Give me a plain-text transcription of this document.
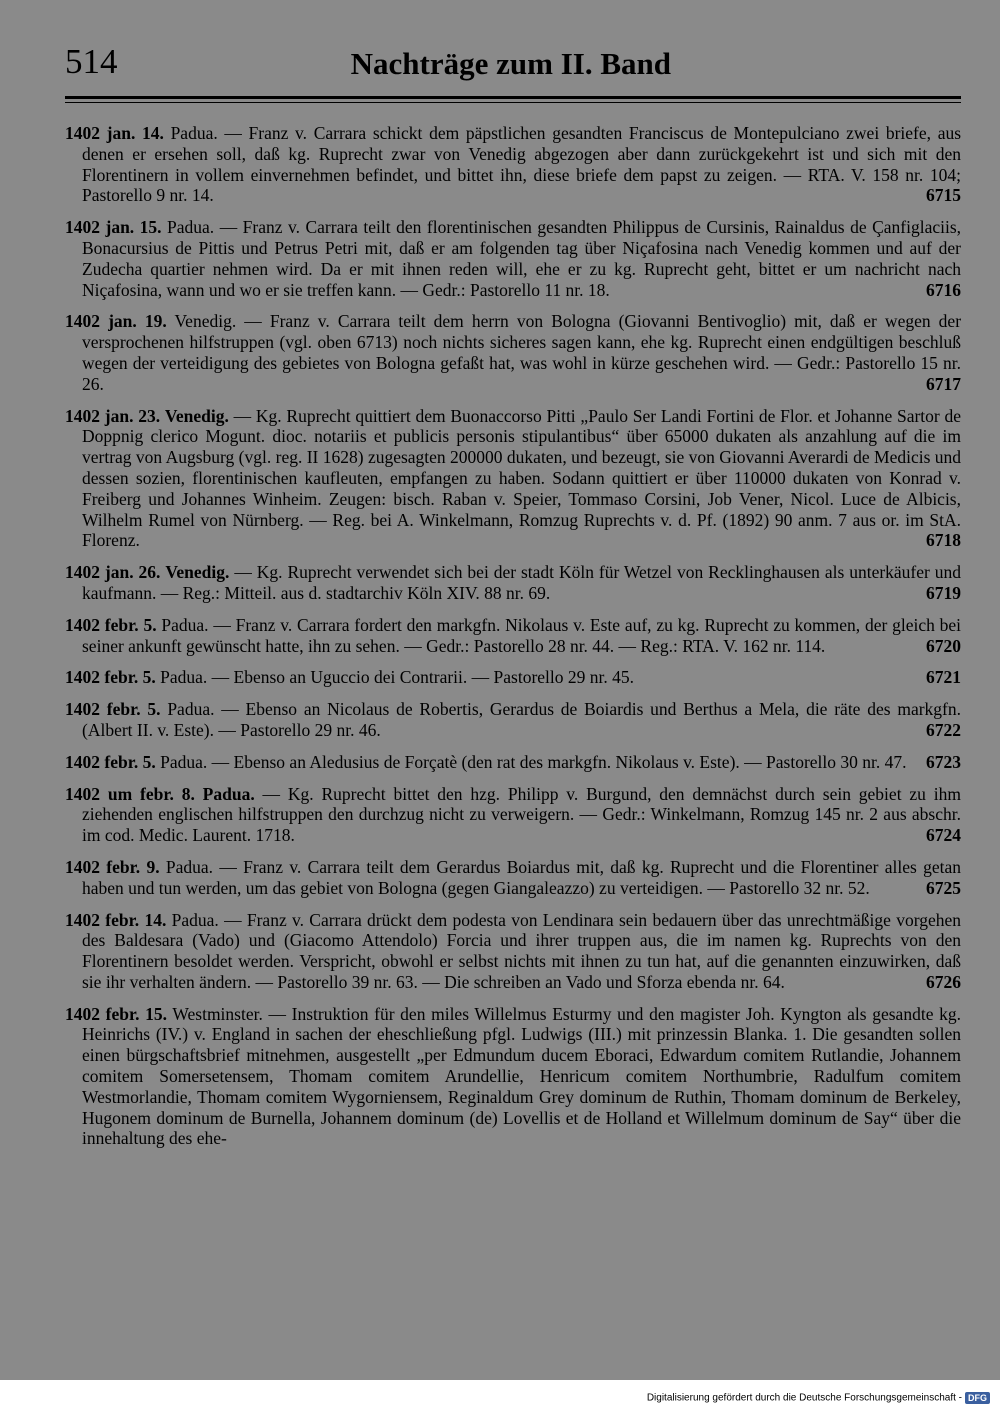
514	Nachträge zum II. Band

1402 jan. 14. Padua. — Franz v. Carrara schickt dem päpstlichen gesandten Franciscus de Montepulciano zwei briefe, aus denen er ersehen soll, daß kg. Ruprecht zwar von Venedig abgezogen aber dann zurückgekehrt ist und sich mit den Florentinern in vollem einvernehmen befindet, und bittet ihn, diese briefe dem papst zu zeigen. — RTA. V. 158 nr. 104; Pastorello 9 nr. 14.	6715

1402 jan. 15. Padua. — Franz v. Carrara teilt den florentinischen gesandten Philippus de Cursinis, Rainaldus de Çanfiglaciis, Bonacursius de Pittis und Petrus Petri mit, daß er am folgenden tag über Niçafosina nach Venedig kommen und auf der Zudecha quartier nehmen wird. Da er mit ihnen reden will, ehe er zu kg. Ruprecht geht, bittet er um nachricht nach Niçafosina, wann und wo er sie treffen kann. — Gedr.: Pastorello 11 nr. 18.	6716

1402 jan. 19. Venedig. — Franz v. Carrara teilt dem herrn von Bologna (Giovanni Bentivoglio) mit, daß er wegen der versprochenen hilfstruppen (vgl. oben 6713) noch nichts sicheres sagen kann, ehe kg. Ruprecht einen endgültigen beschluß wegen der verteidigung des gebietes von Bologna gefaßt hat, was wohl in kürze geschehen wird. — Gedr.: Pastorello 15 nr. 26.	6717

1402 jan. 23. Venedig. — Kg. Ruprecht quittiert dem Buonaccorso Pitti „Paulo Ser Landi Fortini de Flor. et Johanne Sartor de Doppnig clerico Mogunt. dioc. notariis et publicis personis stipulantibus“ über 65000 dukaten als anzahlung auf die im vertrag von Augsburg (vgl. reg. II 1628) zugesagten 200000 dukaten, und bezeugt, sie von Giovanni Averardi de Medicis und dessen sozien, florentinischen kaufleuten, empfangen zu haben. Sodann quittiert er über 110000 dukaten von Konrad v. Freiberg und Johannes Winheim. Zeugen: bisch. Raban v. Speier, Tommaso Corsini, Job Vener, Nicol. Luce de Albicis, Wilhelm Rumel von Nürnberg. — Reg. bei A. Winkelmann, Romzug Ruprechts v. d. Pf. (1892) 90 anm. 7 aus or. im StA. Florenz.	6718

1402 jan. 26. Venedig. — Kg. Ruprecht verwendet sich bei der stadt Köln für Wetzel von Recklinghausen als unterkäufer und kaufmann. — Reg.: Mitteil. aus d. stadtarchiv Köln XIV. 88 nr. 69.	6719

1402 febr. 5. Padua. — Franz v. Carrara fordert den markgfn. Nikolaus v. Este auf, zu kg. Ruprecht zu kommen, der gleich bei seiner ankunft gewünscht hatte, ihn zu sehen. — Gedr.: Pastorello 28 nr. 44. — Reg.: RTA. V. 162 nr. 114.	6720

1402 febr. 5. Padua. — Ebenso an Uguccio dei Contrarii. — Pastorello 29 nr. 45.	6721

1402 febr. 5. Padua. — Ebenso an Nicolaus de Robertis, Gerardus de Boiardis und Berthus a Mela, die räte des markgfn. (Albert II. v. Este). — Pastorello 29 nr. 46.	6722

1402 febr. 5. Padua. — Ebenso an Aledusius de Forçatè (den rat des markgfn. Nikolaus v. Este). — Pastorello 30 nr. 47. 6723

1402 um febr. 8. Padua. — Kg. Ruprecht bittet den hzg. Philipp v. Burgund, den demnächst durch sein gebiet zu ihm ziehenden englischen hilfstruppen den durchzug nicht zu verweigern. — Gedr.: Winkelmann, Romzug 145 nr. 2 aus abschr. im cod. Medic. Laurent. 1718.	6724

1402 febr. 9. Padua. — Franz v. Carrara teilt dem Gerardus Boiardus mit, daß kg. Ruprecht und die Florentiner alles getan haben und tun werden, um das gebiet von Bologna (gegen Giangaleazzo) zu verteidigen. — Pastorello 32 nr. 52.	6725

1402 febr. 14. Padua. — Franz v. Carrara drückt dem podesta von Lendinara sein bedauern über das unrechtmäßige vorgehen des Baldesara (Vado) und (Giacomo Attendolo) Forcia und ihrer truppen aus, die im namen kg. Ruprechts von den Florentinern besoldet werden. Verspricht, obwohl er selbst nichts mit ihnen zu tun hat, auf die genannten einzuwirken, daß sie ihr verhalten ändern. — Pastorello 39 nr. 63. — Die schreiben an Vado und Sforza ebenda nr. 64.	6726

1402 febr. 15. Westminster. — Instruktion für den miles Willelmus Esturmy und den magister Joh. Kyngton als gesandte kg. Heinrichs (IV.) v. England in sachen der eheschließung pfgl. Ludwigs (III.) mit prinzessin Blanka. 1. Die gesandten sollen einen bürgschaftsbrief mitnehmen, ausgestellt „per Edmundum ducem Eboraci, Edwardum comitem Rutlandie, Johannem comitem Somersetensem, Thomam comitem Arundellie, Henricum comitem Northumbrie, Radulfum comitem Westmorlandie, Thomam comitem Wygorniensem, Reginaldum Grey dominum de Ruthin, Thomam dominum de Berkeley, Hugonem dominum de Burnella, Johannem dominum (de) Lovellis et de Holland et Willelmum dominum de Say“ über die innehaltung des ehe-

Digitalisierung gefördert durch die Deutsche Forschungsgemeinschaft - DFG
